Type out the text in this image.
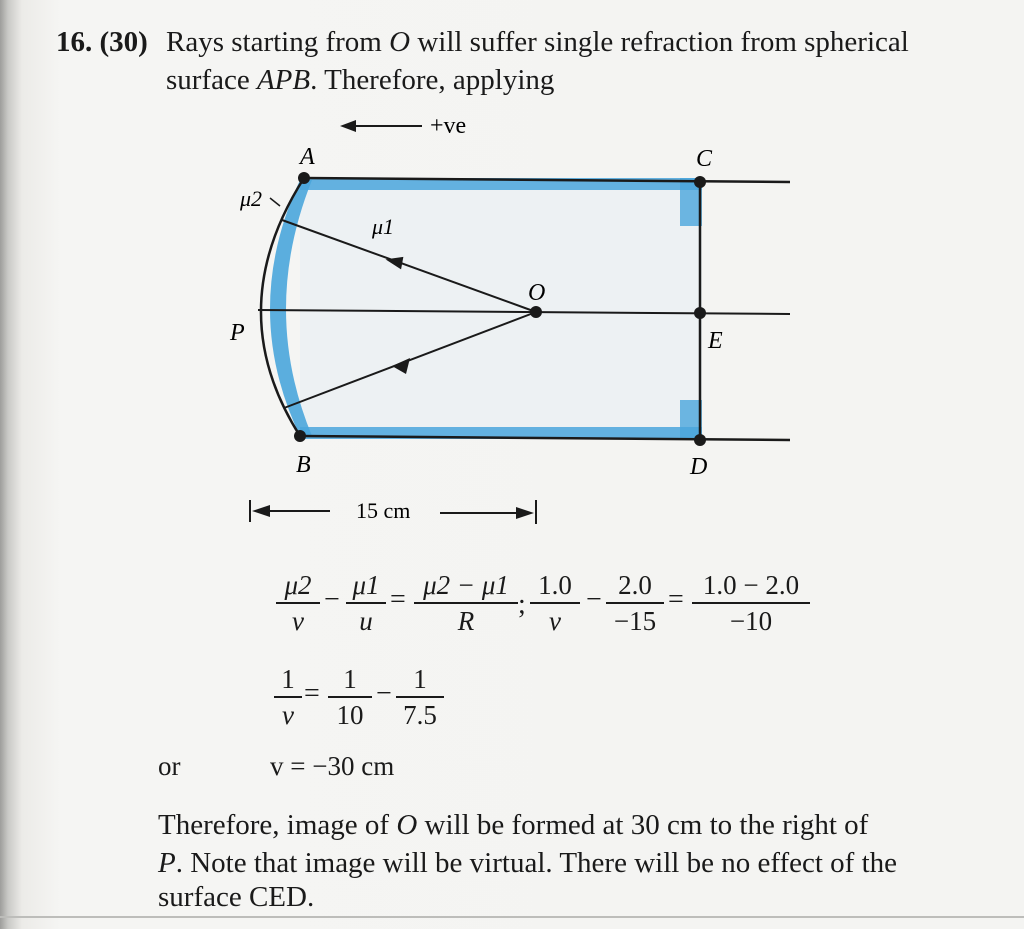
16. (30) Rays starting from O will suffer single refraction from spherical
surface APB. Therefore, applying
+ve
A
B
C
D
E
P
O
μ2
μ1
15 cm
μ2
v
− μ1
u
= μ2 − μ1
R
;
1.0
v
− 2.0
−15
= 1.0 − 2.0
−10
1
v
= 1
10
− 1
7.5
or	v = −30 cm
Therefore, image of O will be formed at 30 cm to the right of
P. Note that image will be virtual. There will be no effect of the
surface CED.
